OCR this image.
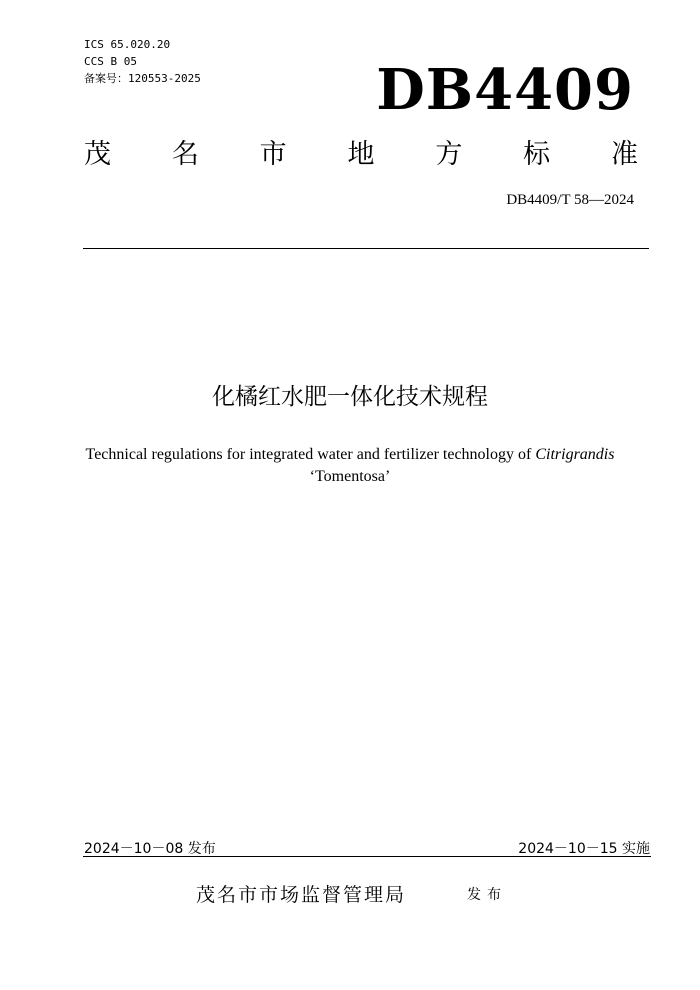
ICS 65.020.20
CCS B 05
备案号：120553-2025	DB4409
茂 名 市 地 方 标 准
DB4409/T 58—2024
化橘红水肥一体化技术规程
Technical regulations for integrated water and fertilizer technology of Citrigrandis
‘Tomentosa’
2024－10－08 发布	2024－10－15 实施
茂名市市场监督管理局	发布
